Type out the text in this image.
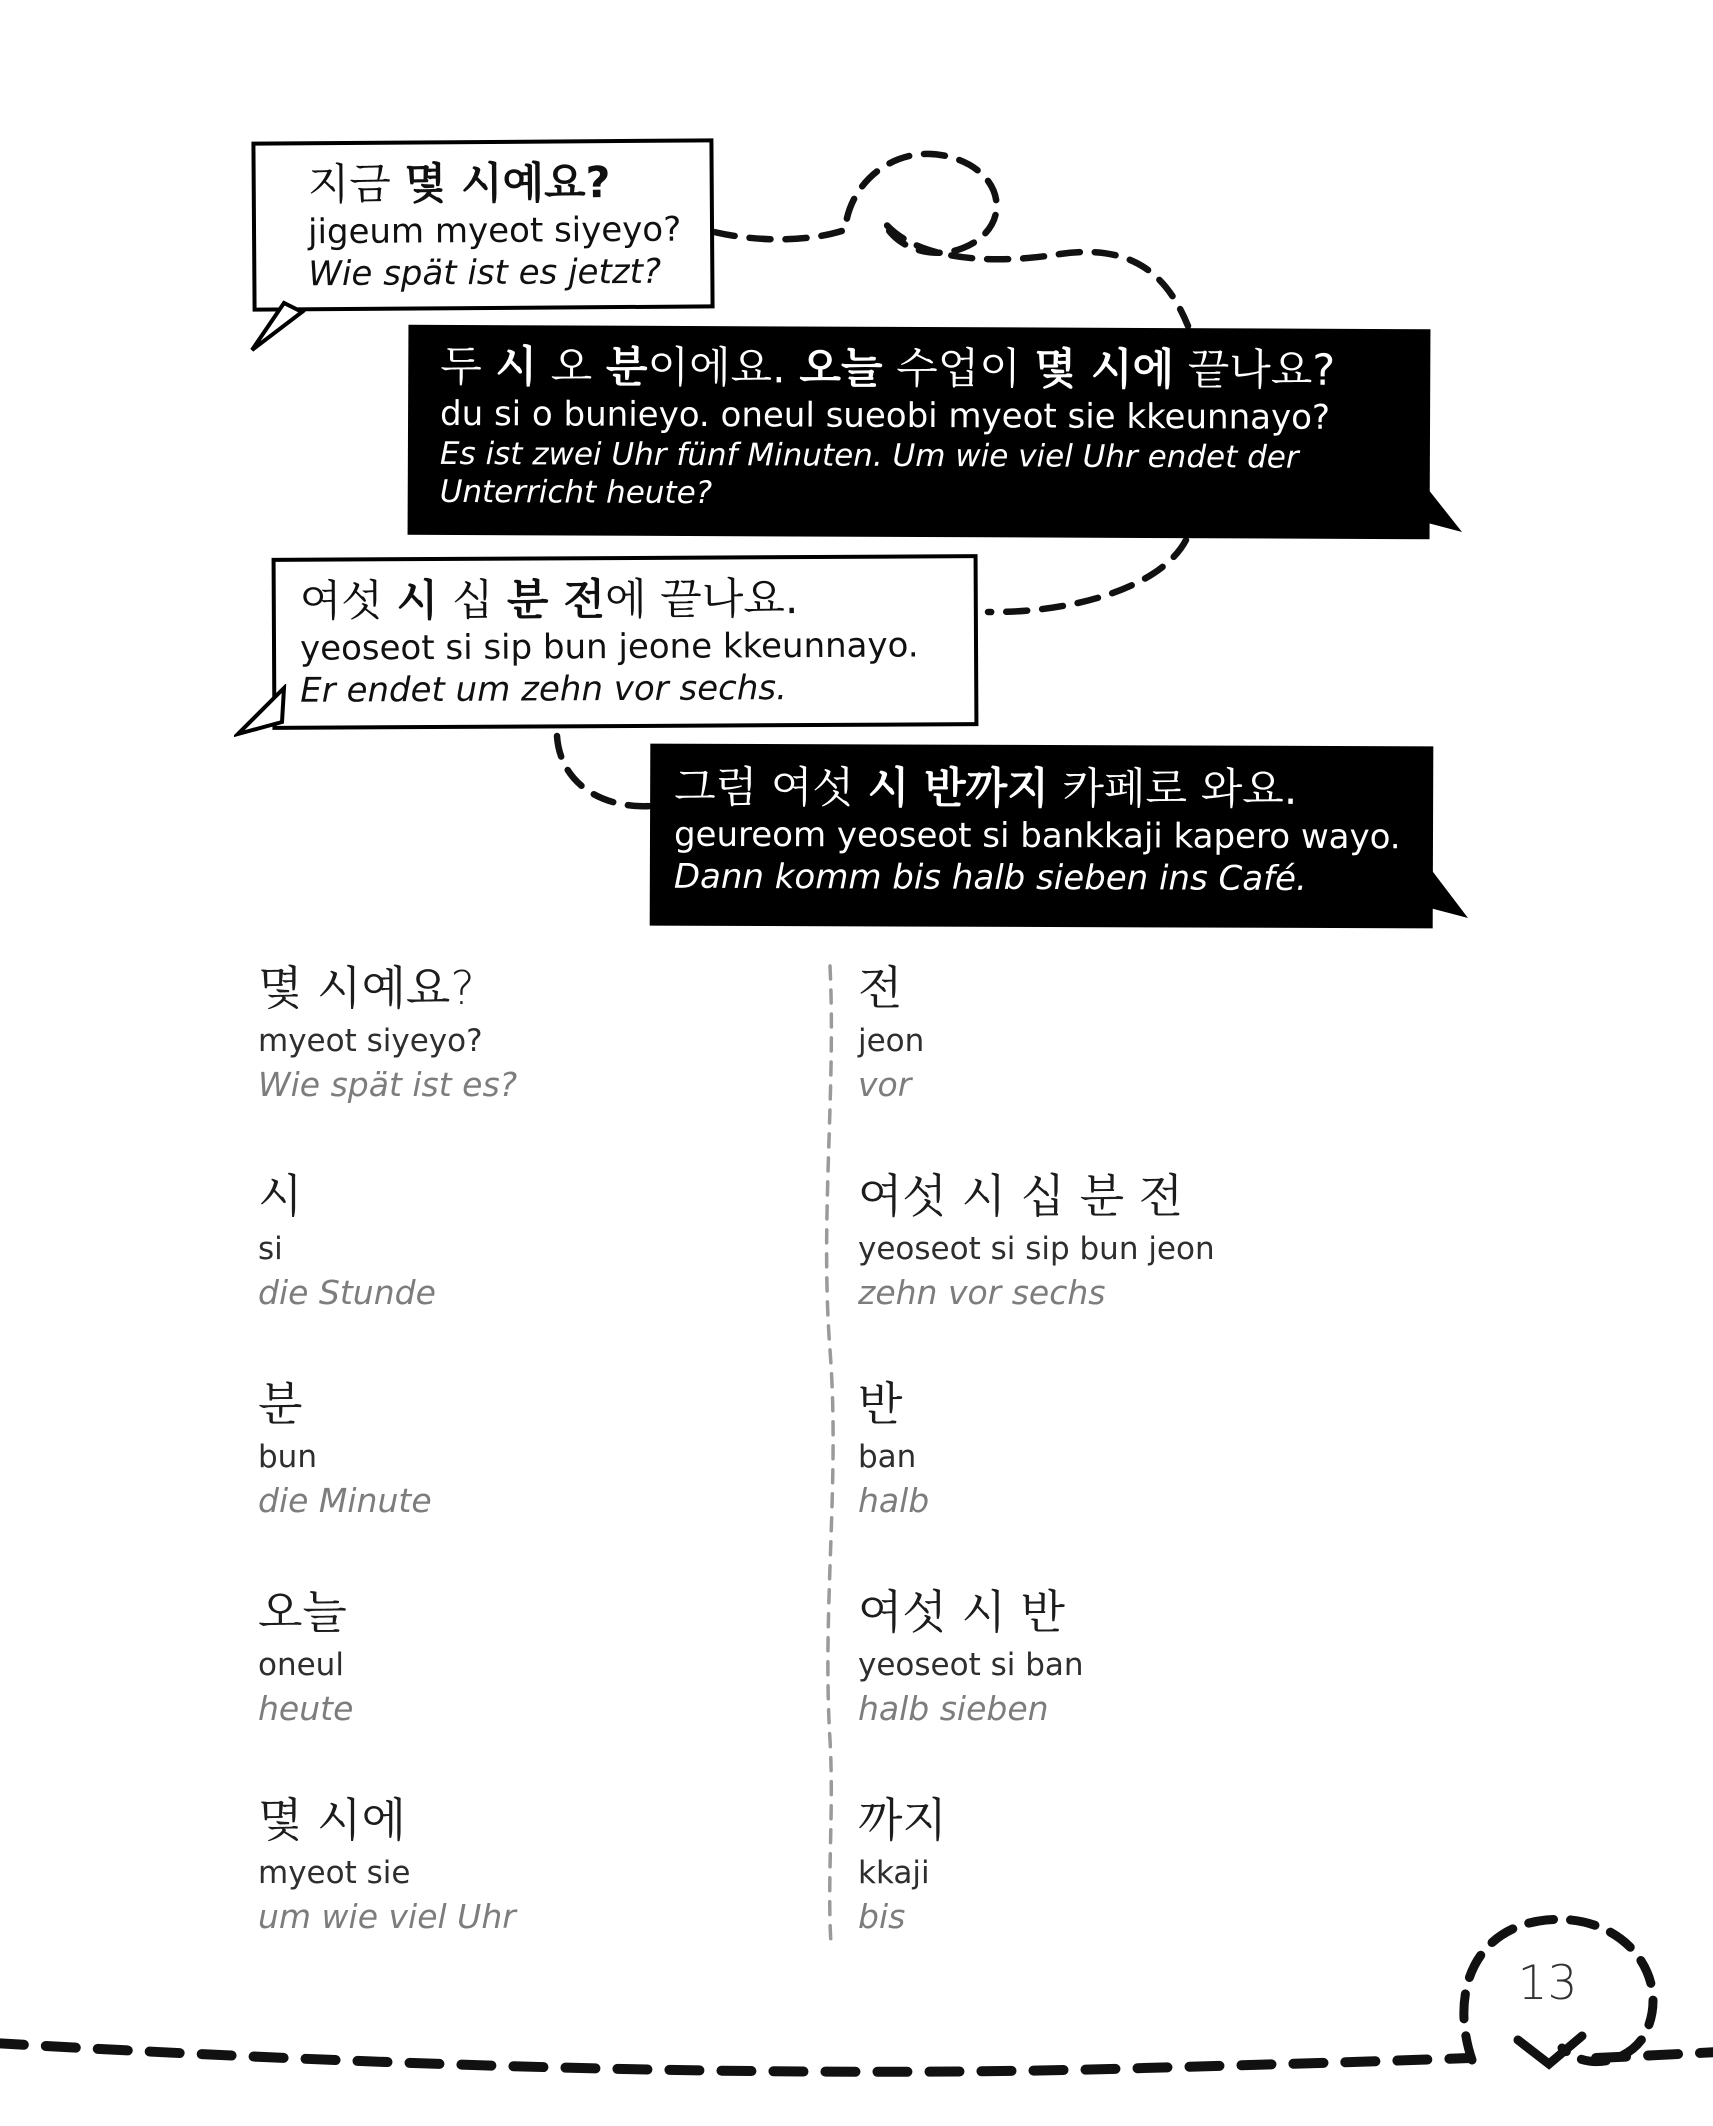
지금 몇 시예요?
jigeum myeot siyeyo?
Wie spät ist es jetzt?
두 시 오 분이에요. 오늘 수업이 몇 시에 끝나요?
du si o bunieyo. oneul sueobi myeot sie kkeunnayo?
Es ist zwei Uhr fünf Minuten. Um wie viel Uhr endet der Unterricht heute?
여섯 시 십 분 전에 끝나요.
yeoseot si sip bun jeone kkeunnayo.
Er endet um zehn vor sechs.
그럼 여섯 시 반까지 카페로 와요.
geureom yeoseot si bankkaji kapero wayo.
Dann komm bis halb sieben ins Café.
몇 시예요?
myeot siyeyo?
Wie spät ist es?
시
si
die Stunde
분
bun
die Minute
오늘
oneul
heute
몇 시에
myeot sie
um wie viel Uhr
전
jeon
vor
여섯 시 십 분 전
yeoseot si sip bun jeon
zehn vor sechs
반
ban
halb
여섯 시 반
yeoseot si ban
halb sieben
까지
kkaji
bis
13
